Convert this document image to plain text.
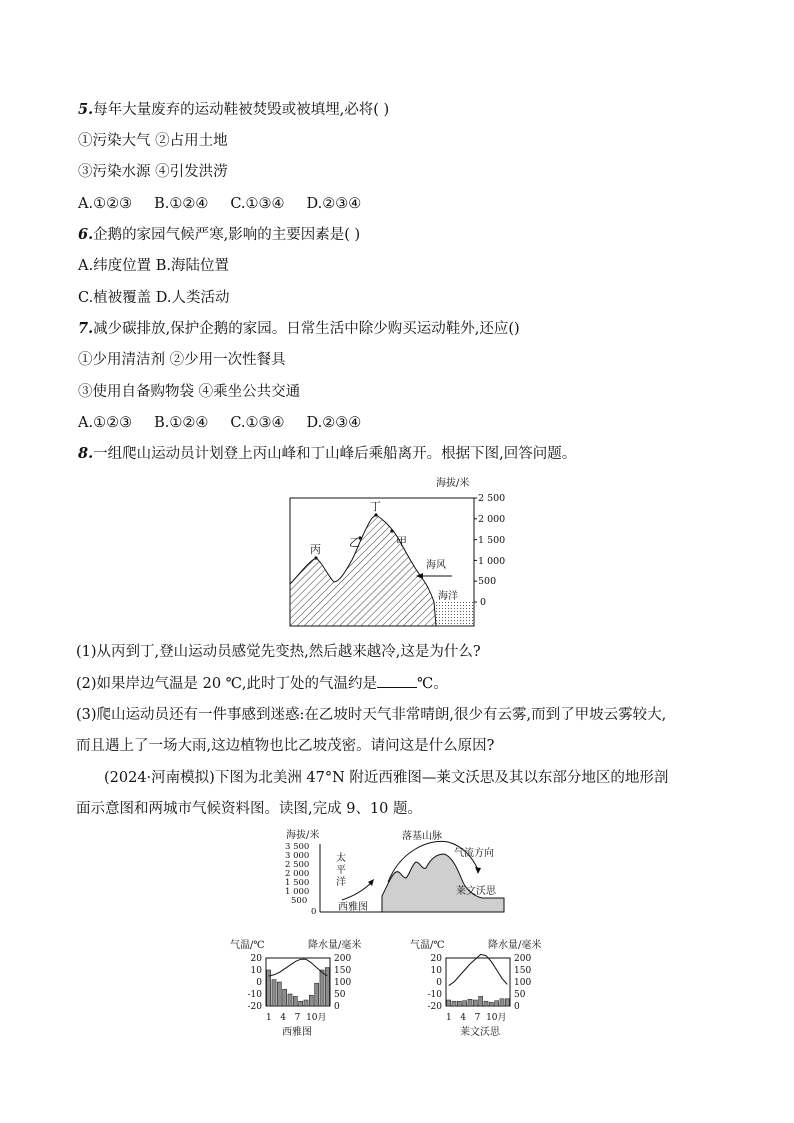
5.每年大量废弃的运动鞋被焚毁或被填埋,必将( )
①污染大气 ②占用土地
③污染水源 ④引发洪涝
A.①②③ B.①②④ C.①③④ D.②③④
6.企鹅的家园气候严寒,影响的主要因素是( )
A.纬度位置 B.海陆位置
C.植被覆盖 D.人类活动
7.减少碳排放,保护企鹅的家园。日常生活中除少购买运动鞋外,还应()
①少用清洁剂 ②少用一次性餐具
③使用自备购物袋 ④乘坐公共交通
A.①②③ B.①②④ C.①③④ D.②③④
8.一组爬山运动员计划登上丙山峰和丁山峰后乘船离开。根据下图,回答问题。
海拔/米
丙
丁
乙	甲
海风
海洋
2 500
2 000
1 500
1 000
500
0
(1)从丙到丁,登山运动员感觉先变热,然后越来越冷,这是为什么?
(2)如果岸边气温是 20 ℃,此时丁处的气温约是	℃。
(3)爬山运动员还有一件事感到迷惑:在乙坡时天气非常晴朗,很少有云雾,而到了甲坡云雾较大,
而且遇上了一场大雨,这边植物也比乙坡茂密。请问这是什么原因?
(2024·河南模拟)下图为北美洲 47°N 附近西雅图—莱文沃思及其以东部分地区的地形剖
面示意图和两城市气候资料图。读图,完成 9、10 题。
海拔/米
3 500
3 000
2 500
2 000
1 500
1 000
500
0
落基山脉
气流方向
太
平
洋
西雅图
莱文沃思
气温/℃	降水量/毫米
20
10
0
-10
-20
200
150
100
50
0
1   4   7  10月
西雅图
气温/℃	降水量/毫米
20
10
0
-10
-20
200
150
100
50
0
1   4   7  10月
莱文沃思
